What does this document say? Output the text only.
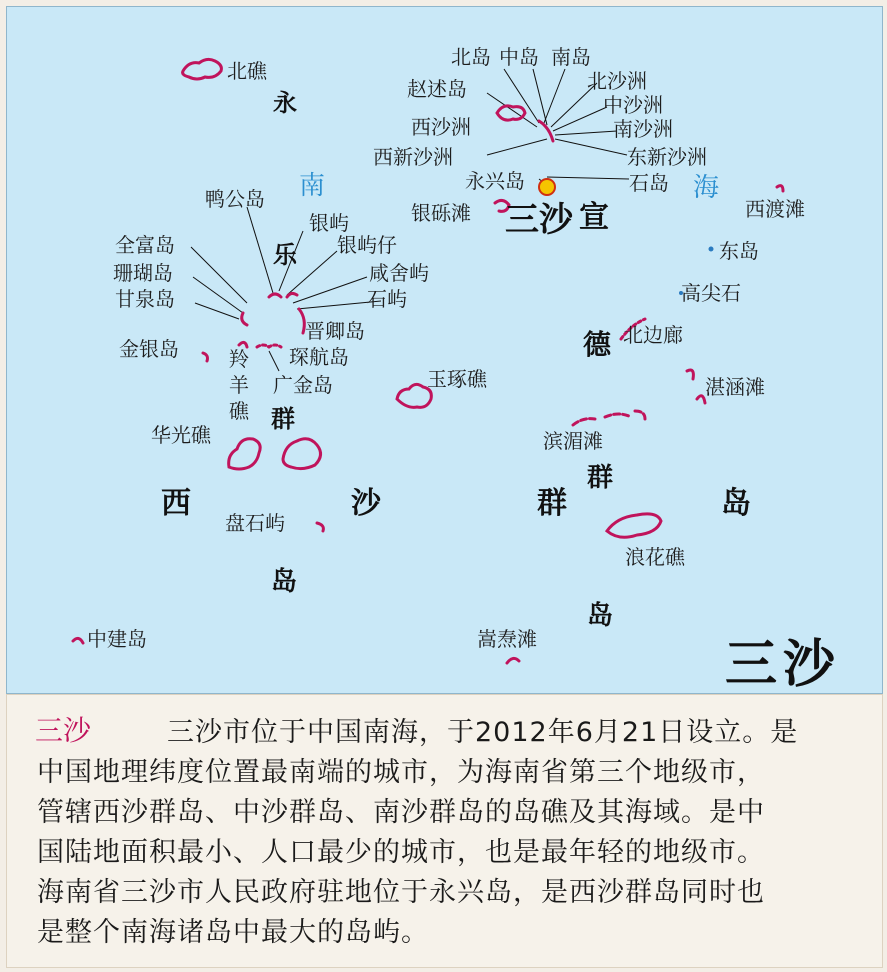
南	海
永
乐
群
三沙 宣
德
群
岛
西	沙	群	岛
岛
三沙
北礁
北岛 中岛 南岛
赵述岛	北沙洲
中沙洲
西沙洲	南沙洲
西新沙洲	东新沙洲
永兴岛	石岛
银砾滩	西渡滩
东岛
高尖石
北边廊
湛涵滩
滨湄滩
浪花礁
嵩焘滩
鸭公岛
银屿
银屿仔
咸舍屿
石屿
全富岛
珊瑚岛
甘泉岛
金银岛
晋卿岛
琛航岛
广金岛
羚
羊
礁
玉琢礁
华光礁
盘石屿
中建岛
三沙	三沙市位于中国南海，于2012年6月21日设立。是
中国地理纬度位置最南端的城市，为海南省第三个地级市，
管辖西沙群岛、中沙群岛、南沙群岛的岛礁及其海域。是中
国陆地面积最小、人口最少的城市，也是最年轻的地级市。
海南省三沙市人民政府驻地位于永兴岛，是西沙群岛同时也
是整个南海诸岛中最大的岛屿。
